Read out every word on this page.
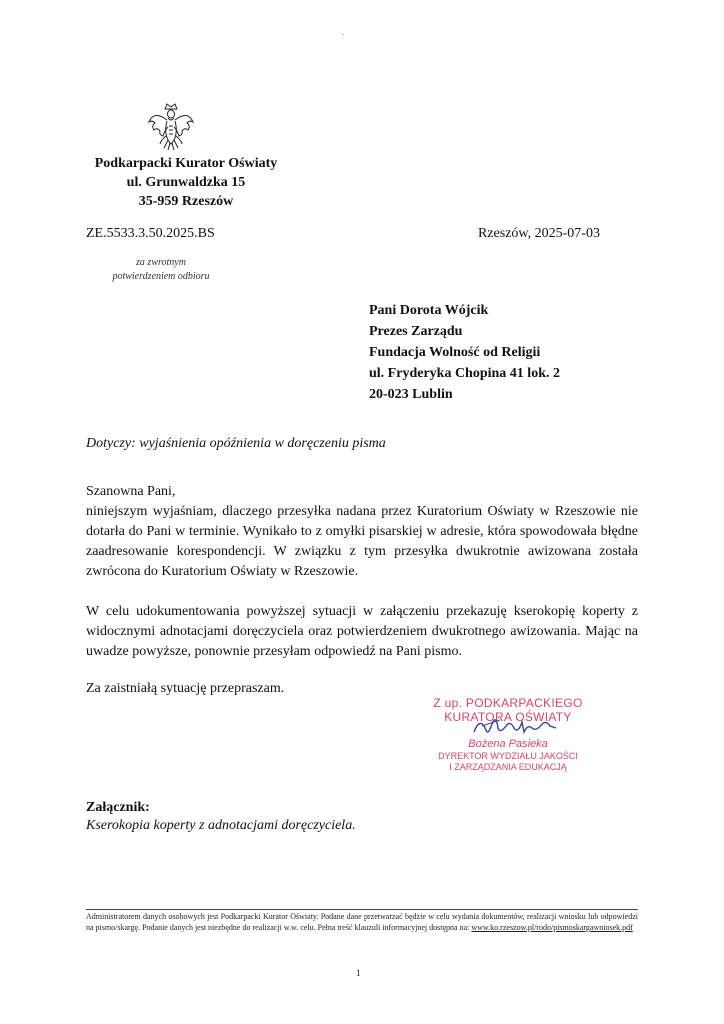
Podkarpacki Kurator Oświaty
ul. Grunwaldzka 15
35-959 Rzeszów
ZE.5533.3.50.2025.BS	Rzeszów, 2025-07-03
za zwrotnym
potwierdzeniem odbioru
Pani Dorota Wójcik
Prezes Zarządu
Fundacja Wolność od Religii
ul. Fryderyka Chopina 41 lok. 2
20-023 Lublin
Dotyczy: wyjaśnienia opóźnienia w doręczeniu pisma

Szanowna Pani,

niniejszym wyjaśniam, dlaczego przesyłka nadana przez Kuratorium Oświaty w Rzeszowie nie dotarła do Pani w terminie. Wynikało to z omyłki pisarskiej w adresie, która spowodowała błędne zaadresowanie korespondencji. W związku z tym przesyłka dwukrotnie awizowana została zwrócona do Kuratorium Oświaty w Rzeszowie.

W celu udokumentowania powyższej sytuacji w załączeniu przekazuję kserokopię koperty z widocznymi adnotacjami doręczyciela oraz potwierdzeniem dwukrotnego awizowania. Mając na uwadze powyższe, ponownie przesyłam odpowiedź na Pani pismo.

Za zaistniałą sytuację przepraszam.
Z up. PODKARPACKIEGO
KURATORA OŚWIATY
Bożena Pasieka
DYREKTOR WYDZIAŁU JAKOŚCI
I ZARZĄDZANIA EDUKACJĄ
Załącznik:
Kserokopia koperty z adnotacjami doręczyciela.
Administratorem danych osobowych jest Podkarpacki Kurator Oświaty. Podane dane przetwarzać będzie w celu wydania dokumentów, realizacji wniosku lub odpowiedzi na pismo/skargę. Podanie danych jest niezbędne do realizacji w.w. celu. Pełna treść klauzuli informacyjnej dostępna na: www.ko.rzeszow.pl/rodo/pismoskargawniosek.pdf
1
